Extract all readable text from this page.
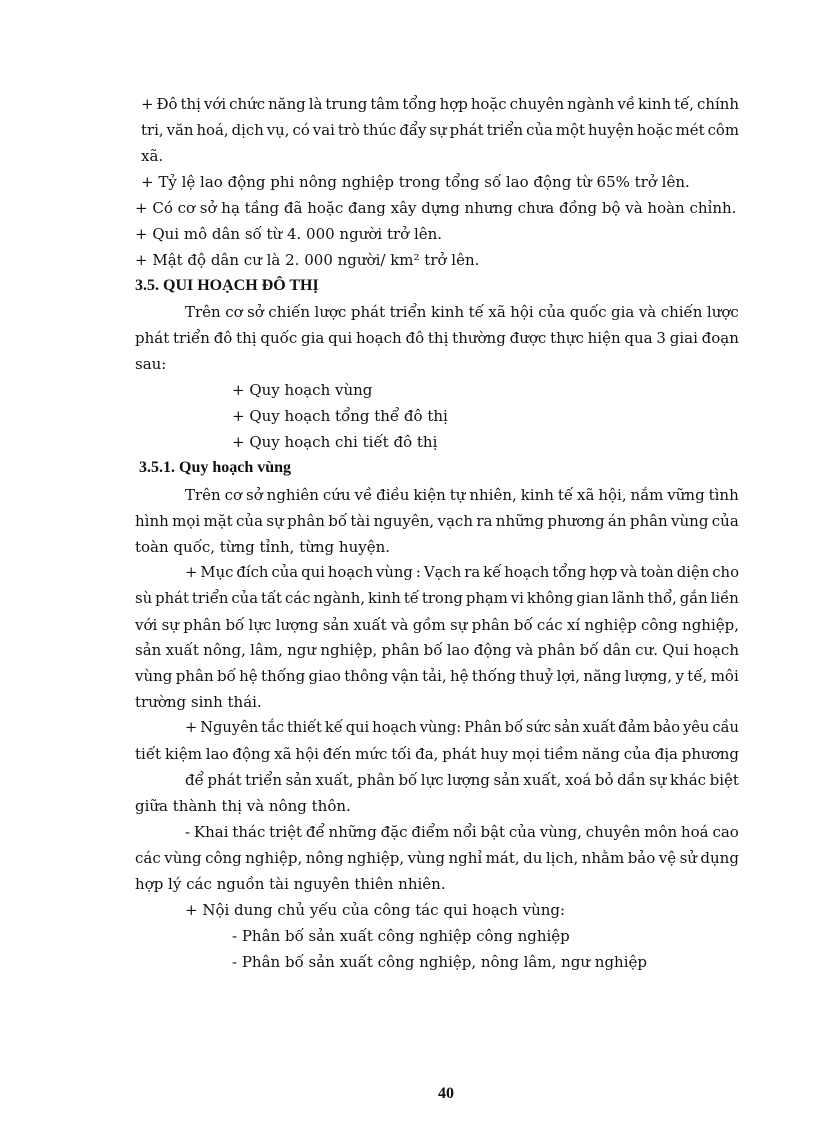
+ Đô thị với chức năng là trung tâm tổng hợp hoặc chuyên ngành về kinh tế, chính
tri, văn hoá, dịch vụ, có vai trò thúc đẩy sự phát triển của một huyện hoặc mét côm
xã.
+ Tỷ lệ lao động phi nông nghiệp trong tổng số lao động từ 65% trở lên.
+ Có cơ sở hạ tầng đã hoặc đang xây dựng nhưng chưa đồng bộ và hoàn chỉnh.
+ Qui mô dân số từ 4. 000 người trở lên.
+ Mật độ dân cư là 2. 000 người/ km² trở lên.
3.5. QUI HOẠCH ĐÔ THỊ
Trên cơ sở chiến lược phát triển kinh tế xã hội của quốc gia và chiến lược
phát triển đô thị quốc gia qui hoạch đô thị thường được thực hiện qua 3 giai đoạn
sau:
+ Quy hoạch vùng
+ Quy hoạch tổng thể đô thị
+ Quy hoạch chi tiết đô thị
3.5.1. Quy hoạch vùng
Trên cơ sở nghiên cứu về điều kiện tự nhiên, kinh tế xã hội, nắm vững tình
hình mọi mặt của sự phân bố tài nguyên, vạch ra những phương án phân vùng của
toàn quốc, từng tỉnh, từng huyện.
+ Mục đích của qui hoạch vùng : Vạch ra kế hoạch tổng hợp và toàn diện cho
sù phát triển của tất các ngành, kinh tế trong phạm vi không gian lãnh thổ, gắn liền
với sự phân bố lực lượng sản xuất và gồm sự phân bố các xí nghiệp công nghiệp,
sản xuất nông, lâm, ngư nghiệp, phân bố lao động và phân bố dân cư. Qui hoạch
vùng phân bố hệ thống giao thông vận tải, hệ thống thuỷ lợi, năng lượng, y tế, môi
trường sinh thái.
+ Nguyên tắc thiết kế qui hoạch vùng: Phân bố sức sản xuất đảm bảo yêu cầu
tiết kiệm lao động xã hội đến mức tối đa, phát huy mọi tiềm năng của địa phương
để phát triển sản xuất, phân bố lực lượng sản xuất, xoá bỏ dần sự khác biệt
giữa thành thị và nông thôn.
- Khai thác triệt để những đặc điểm nổi bật của vùng, chuyên môn hoá cao
các vùng công nghiệp, nông nghiệp, vùng nghỉ mát, du lịch, nhằm bảo vệ sử dụng
hợp lý các nguồn tài nguyên thiên nhiên.
+ Nội dung chủ yếu của công tác qui hoạch vùng:
- Phân bố sản xuất công nghiệp công nghiệp
- Phân bố sản xuất công nghiệp, nông lâm, ngư nghiệp
40
